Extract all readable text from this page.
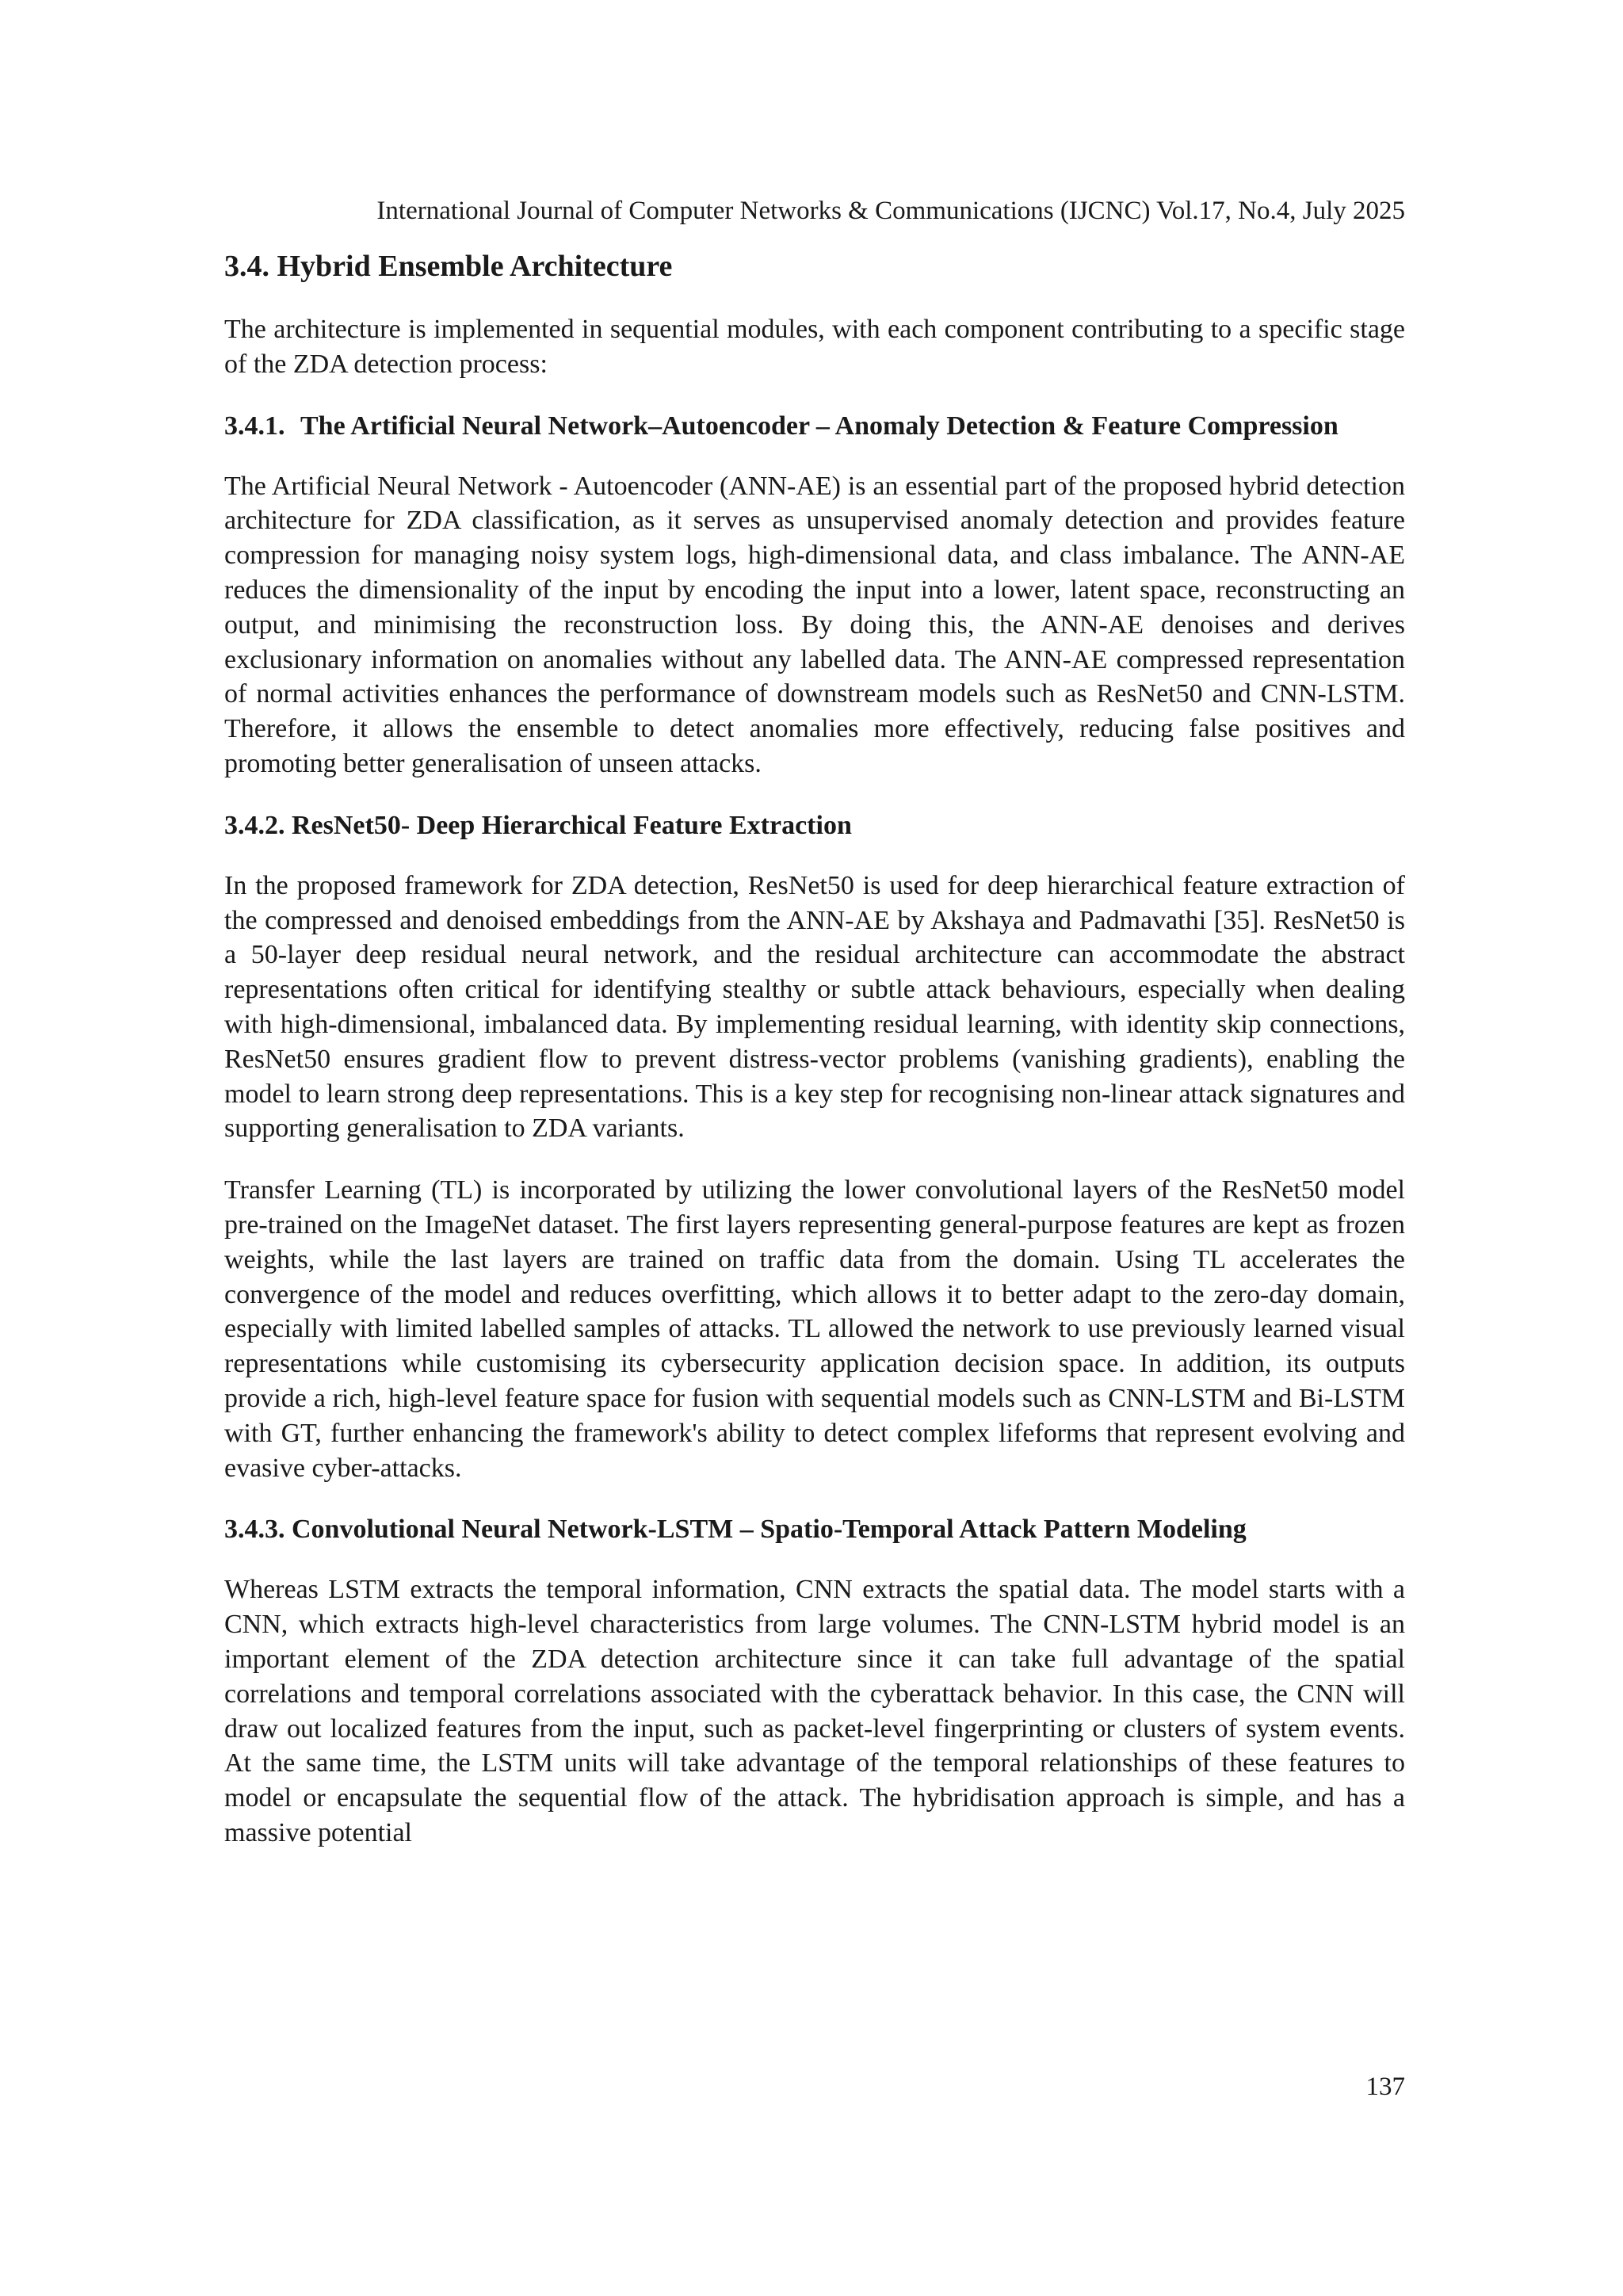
International Journal of Computer Networks & Communications (IJCNC) Vol.17, No.4, July 2025
3.4. Hybrid Ensemble Architecture

The architecture is implemented in sequential modules, with each component contributing to a specific stage of the ZDA detection process:

3.4.1. The Artificial Neural Network–Autoencoder – Anomaly Detection & Feature Compression

The Artificial Neural Network - Autoencoder (ANN-AE) is an essential part of the proposed hybrid detection architecture for ZDA classification, as it serves as unsupervised anomaly detection and provides feature compression for managing noisy system logs, high-dimensional data, and class imbalance. The ANN-AE reduces the dimensionality of the input by encoding the input into a lower, latent space, reconstructing an output, and minimising the reconstruction loss. By doing this, the ANN-AE denoises and derives exclusionary information on anomalies without any labelled data. The ANN-AE compressed representation of normal activities enhances the performance of downstream models such as ResNet50 and CNN-LSTM. Therefore, it allows the ensemble to detect anomalies more effectively, reducing false positives and promoting better generalisation of unseen attacks.

3.4.2. ResNet50- Deep Hierarchical Feature Extraction

In the proposed framework for ZDA detection, ResNet50 is used for deep hierarchical feature extraction of the compressed and denoised embeddings from the ANN-AE by Akshaya and Padmavathi [35]. ResNet50 is a 50-layer deep residual neural network, and the residual architecture can accommodate the abstract representations often critical for identifying stealthy or subtle attack behaviours, especially when dealing with high-dimensional, imbalanced data. By implementing residual learning, with identity skip connections, ResNet50 ensures gradient flow to prevent distress-vector problems (vanishing gradients), enabling the model to learn strong deep representations. This is a key step for recognising non-linear attack signatures and supporting generalisation to ZDA variants.

Transfer Learning (TL) is incorporated by utilizing the lower convolutional layers of the ResNet50 model pre-trained on the ImageNet dataset. The first layers representing general-purpose features are kept as frozen weights, while the last layers are trained on traffic data from the domain. Using TL accelerates the convergence of the model and reduces overfitting, which allows it to better adapt to the zero-day domain, especially with limited labelled samples of attacks. TL allowed the network to use previously learned visual representations while customising its cybersecurity application decision space. In addition, its outputs provide a rich, high-level feature space for fusion with sequential models such as CNN-LSTM and Bi-LSTM with GT, further enhancing the framework's ability to detect complex lifeforms that represent evolving and evasive cyber-attacks.

3.4.3. Convolutional Neural Network-LSTM – Spatio-Temporal Attack Pattern Modeling

Whereas LSTM extracts the temporal information, CNN extracts the spatial data. The model starts with a CNN, which extracts high-level characteristics from large volumes. The CNN-LSTM hybrid model is an important element of the ZDA detection architecture since it can take full advantage of the spatial correlations and temporal correlations associated with the cyberattack behavior. In this case, the CNN will draw out localized features from the input, such as packet-level fingerprinting or clusters of system events. At the same time, the LSTM units will take advantage of the temporal relationships of these features to model or encapsulate the sequential flow of the attack. The hybridisation approach is simple, and has a massive potential

137
